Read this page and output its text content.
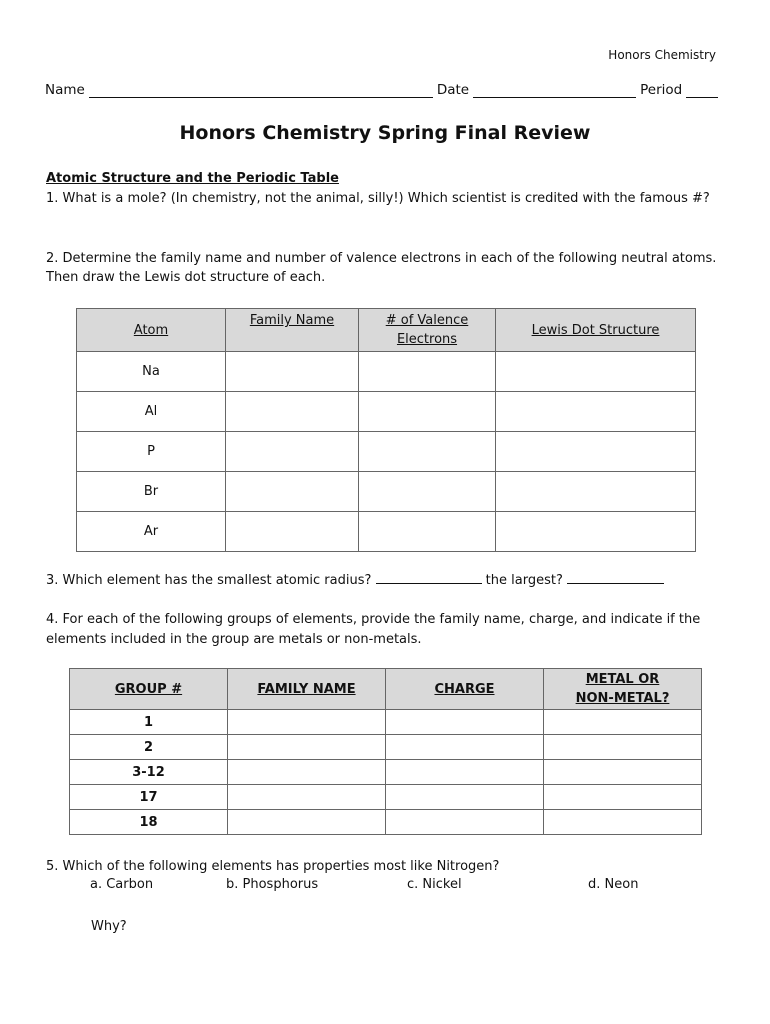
Honors Chemistry
Name	Date	Period
Honors Chemistry Spring Final Review
Atomic Structure and the Periodic Table
1. What is a mole? (In chemistry, not the animal, silly!) Which scientist is credited with the famous #?
2. Determine the family name and number of valence electrons in each of the following neutral atoms.
Then draw the Lewis dot structure of each.
Atom	Family Name	# of Valence Electrons	Lewis Dot Structure
Na			
Al			
P			
Br			
Ar			
3. Which element has the smallest atomic radius?	the largest?
4. For each of the following groups of elements, provide the family name, charge, and indicate if the
elements included in the group are metals or non-metals.
GROUP #	FAMILY NAME	CHARGE	METAL OR NON-METAL?
1			
2			
3-12			
17			
18			
5. Which of the following elements has properties most like Nitrogen?
a. Carbon	b. Phosphorus	c. Nickel	d. Neon
Why?
